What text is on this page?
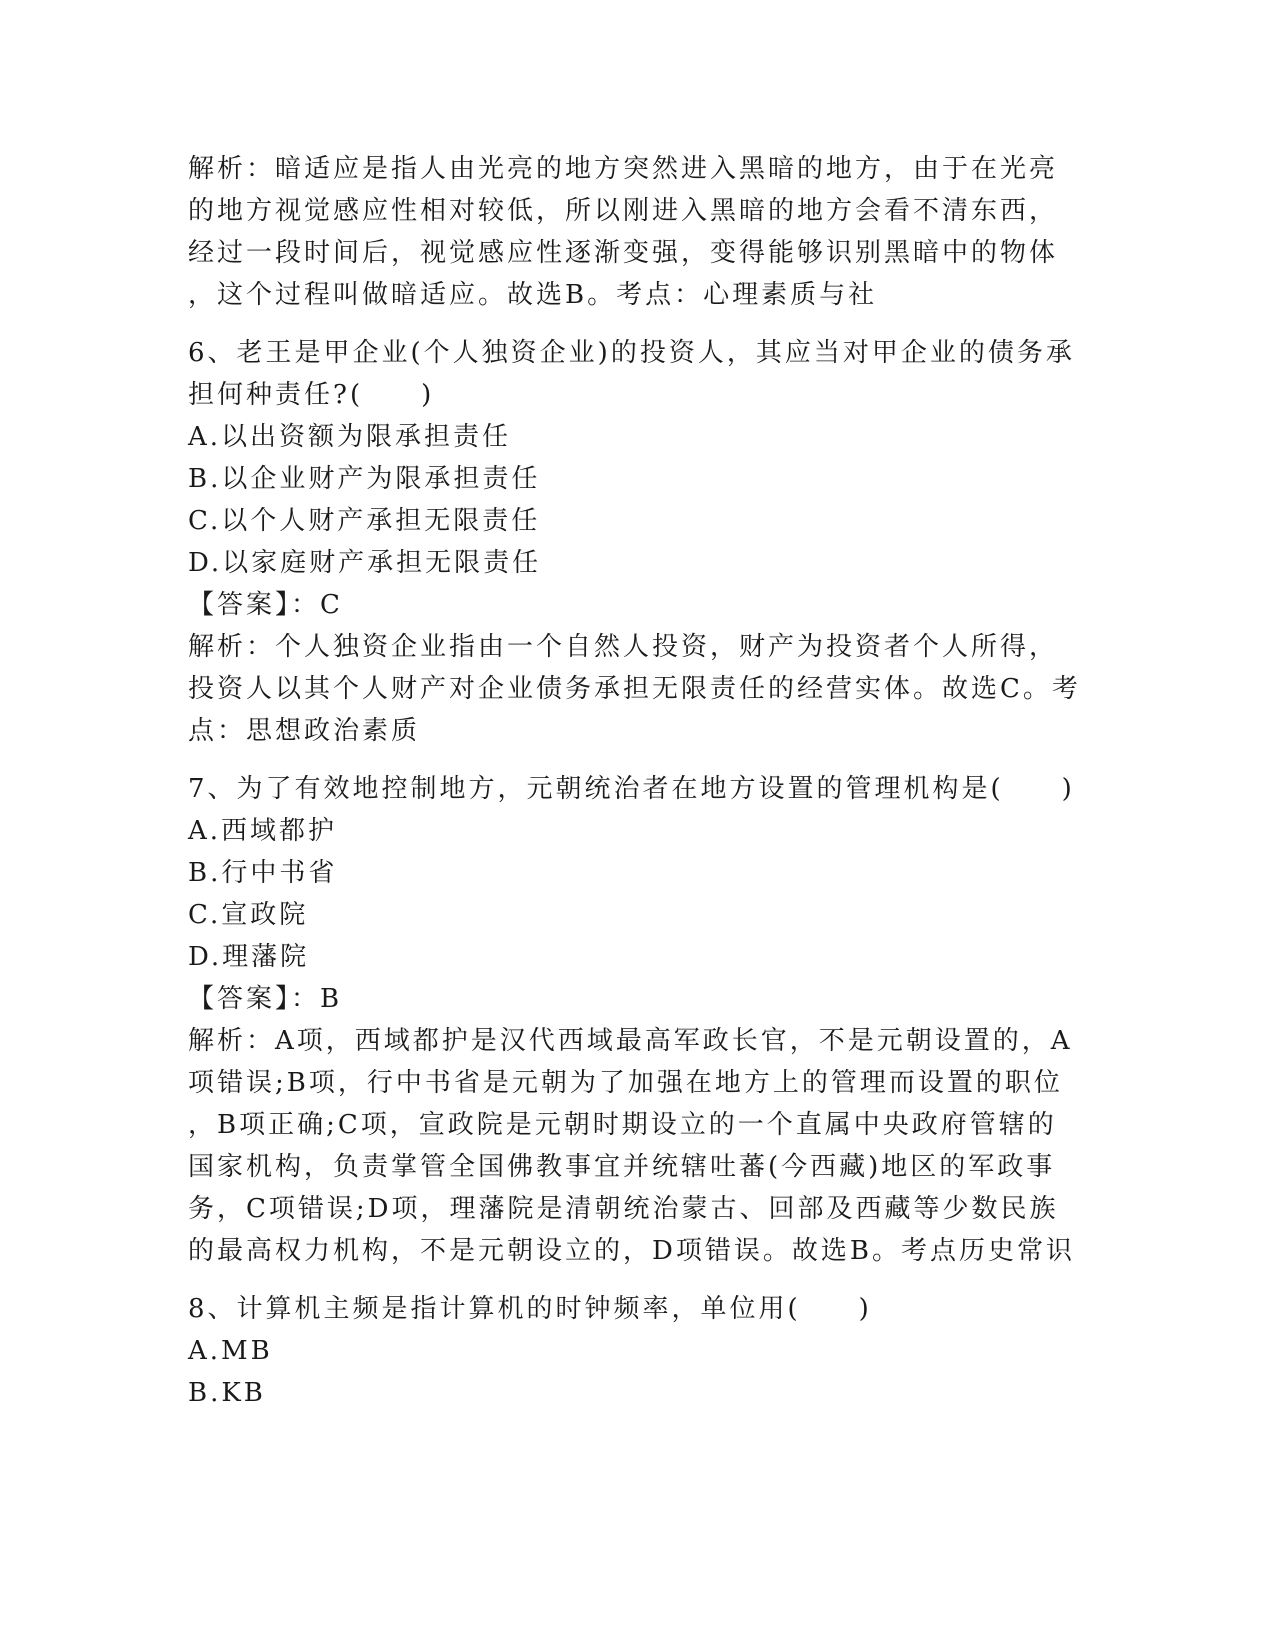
解析：暗适应是指人由光亮的地方突然进入黑暗的地方，由于在光亮

的地方视觉感应性相对较低，所以刚进入黑暗的地方会看不清东西，

经过一段时间后，视觉感应性逐渐变强，变得能够识别黑暗中的物体

，这个过程叫做暗适应。故选B。考点：心理素质与社

6、老王是甲企业(个人独资企业)的投资人，其应当对甲企业的债务承

担何种责任?(　　)

A.以出资额为限承担责任

B.以企业财产为限承担责任

C.以个人财产承担无限责任

D.以家庭财产承担无限责任

【答案】：C

解析：个人独资企业指由一个自然人投资，财产为投资者个人所得，

投资人以其个人财产对企业债务承担无限责任的经营实体。故选C。考

点：思想政治素质

7、为了有效地控制地方，元朝统治者在地方设置的管理机构是(　　)

A.西域都护

B.行中书省

C.宣政院

D.理藩院

【答案】：B

解析：A项，西域都护是汉代西域最高军政长官，不是元朝设置的，A

项错误;B项，行中书省是元朝为了加强在地方上的管理而设置的职位

，B项正确;C项，宣政院是元朝时期设立的一个直属中央政府管辖的

国家机构，负责掌管全国佛教事宜并统辖吐蕃(今西藏)地区的军政事

务，C项错误;D项，理藩院是清朝统治蒙古、回部及西藏等少数民族

的最高权力机构，不是元朝设立的，D项错误。故选B。考点历史常识

8、计算机主频是指计算机的时钟频率，单位用(　　)

A.MB

B.KB
